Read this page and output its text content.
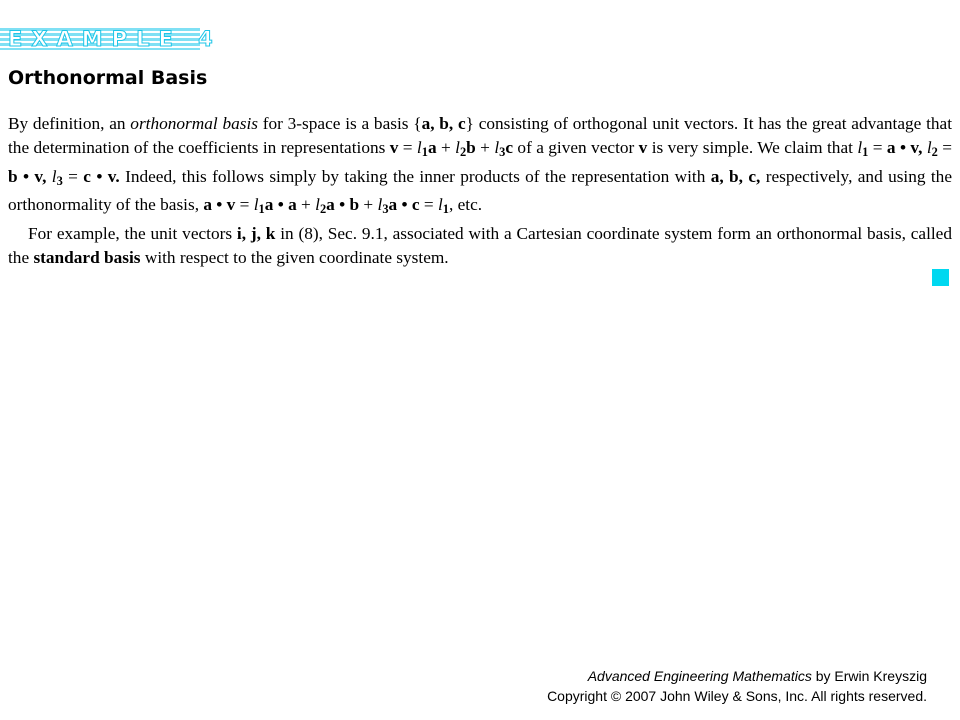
EXAMPLE 4
Orthonormal Basis

By definition, an orthonormal basis for 3-space is a basis {a, b, c} consisting of orthogonal unit vectors. It has the great advantage that the determination of the coefficients in representations $v = l_1a + l_2b + l_3c$ of a given vector v is very simple. We claim that $l_1 = a$ • v, $l_2 = b$ • v, $l_3 = c$ • v. Indeed, this follows simply by taking the inner products of the representation with a, b, c, respectively, and using the orthonormality of the basis, a • $v = l_1a$ • $a + l_2a$ • $b + l_3a$ • $c = l_1$, etc.

For example, the unit vectors i, j, k in (8), Sec. 9.1, associated with a Cartesian coordinate system form an orthonormal basis, called the standard basis with respect to the given coordinate system.

Advanced Engineering Mathematics by Erwin Kreyszig
Copyright © 2007 John Wiley & Sons, Inc. All rights reserved.
